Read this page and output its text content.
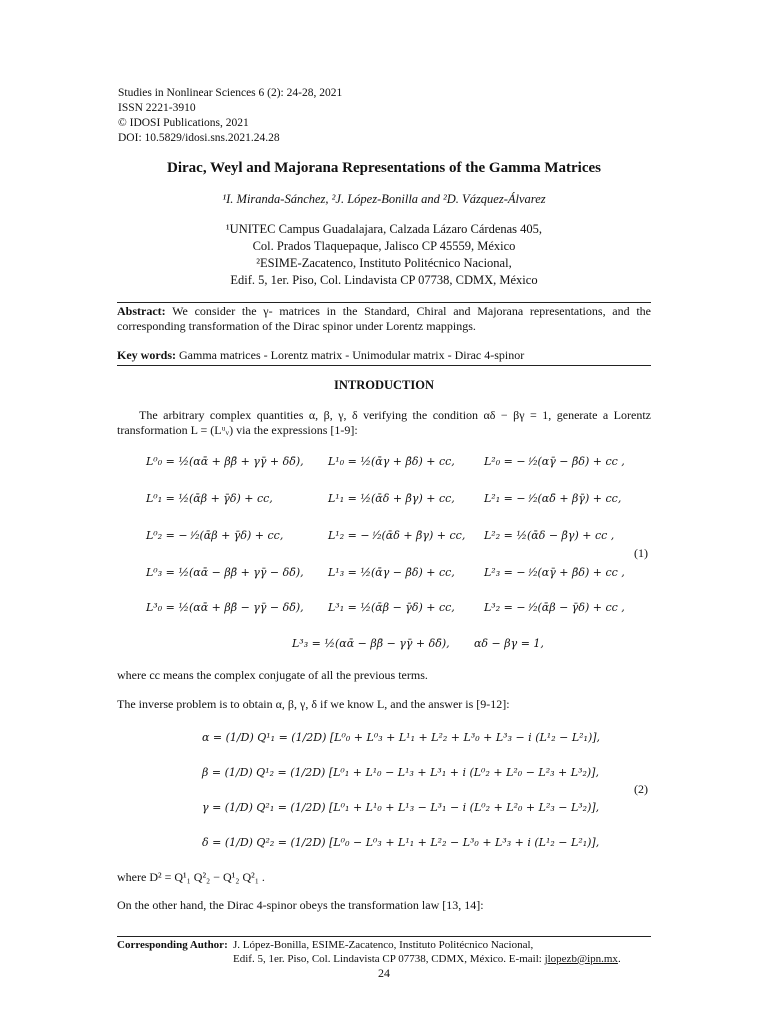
Studies in Nonlinear Sciences 6 (2): 24-28, 2021
ISSN 2221-3910
© IDOSI Publications, 2021
DOI: 10.5829/idosi.sns.2021.24.28
Dirac, Weyl and Majorana Representations of the Gamma Matrices
¹I. Miranda-Sánchez, ²J. López-Bonilla and ²D. Vázquez-Álvarez
¹UNITEC Campus Guadalajara, Calzada Lázaro Cárdenas 405,
Col. Prados Tlaquepaque, Jalisco CP 45559, México
²ESIME-Zacatenco, Instituto Politécnico Nacional,
Edif. 5, 1er. Piso, Col. Lindavista CP 07738, CDMX, México
Abstract: We consider the γ- matrices in the Standard, Chiral and Majorana representations, and the corresponding transformation of the Dirac spinor under Lorentz mappings.
Key words: Gamma matrices - Lorentz matrix - Unimodular matrix - Dirac 4-spinor
INTRODUCTION
The arbitrary complex quantities α, β, γ, δ verifying the condition αδ − βγ = 1, generate a Lorentz transformation L = (Lᵘᵥ) via the expressions [1-9]:
L⁰₀ = ½(αᾱ + ββ̄ + γγ̄ + δδ̄), L¹₀ = ½(ᾱγ + β̄δ) + cc,	L²₀ = − ⁱ⁄₂(αγ̄ − β̄δ) + cc ,
L⁰₁ = ½(ᾱβ + γ̄δ) + cc,	L¹₁ = ½(ᾱδ + β̄γ) + cc,	L²₁ = − ⁱ⁄₂(αδ̄ + βγ̄) + cc,
L⁰₂ = − ⁱ⁄₂(ᾱβ + γ̄δ) + cc,	L¹₂ = − ⁱ⁄₂(ᾱδ + β̄γ) + cc, L²₂ = ½(ᾱδ − β̄γ) + cc ,
L⁰₃ = ½(αᾱ − ββ̄ + γγ̄ − δδ̄), L¹₃ = ½(ᾱγ − β̄δ) + cc,	L²₃ = − ⁱ⁄₂(αγ̄ + β̄δ) + cc ,
L³₀ = ½(αᾱ + ββ̄ − γγ̄ − δδ̄), L³₁ = ½(ᾱβ − γ̄δ) + cc,	L³₂ = − ⁱ⁄₂(ᾱβ − γ̄δ) + cc ,
L³₃ = ½(αᾱ − ββ̄ − γγ̄ + δδ̄), αδ − βγ = 1,
(1)
where cc means the complex conjugate of all the previous terms.
The inverse problem is to obtain α, β, γ, δ if we know L, and the answer is [9-12]:
α = (1/D) Q¹₁ = (1/2D) [L⁰₀ + L⁰₃ + L¹₁ + L²₂ + L³₀ + L³₃ − i (L¹₂ − L²₁)],
β = (1/D) Q¹₂ = (1/2D) [L⁰₁ + L¹₀ − L¹₃ + L³₁ + i (L⁰₂ + L²₀ − L²₃ + L³₂)],
γ = (1/D) Q²₁ = (1/2D) [L⁰₁ + L¹₀ + L¹₃ − L³₁ − i (L⁰₂ + L²₀ + L²₃ − L³₂)],
δ = (1/D) Q²₂ = (1/2D) [L⁰₀ − L⁰₃ + L¹₁ + L²₂ − L³₀ + L³₃ + i (L¹₂ − L²₁)],
(2)
where D² = Q¹₁ Q²₂ − Q¹₂ Q²₁ .
On the other hand, the Dirac 4-spinor obeys the transformation law [13, 14]:
Corresponding Author: J. López-Bonilla, ESIME-Zacatenco, Instituto Politécnico Nacional,
Edif. 5, 1er. Piso, Col. Lindavista CP 07738, CDMX, México. E-mail: jlopezb@ipn.mx.
24
